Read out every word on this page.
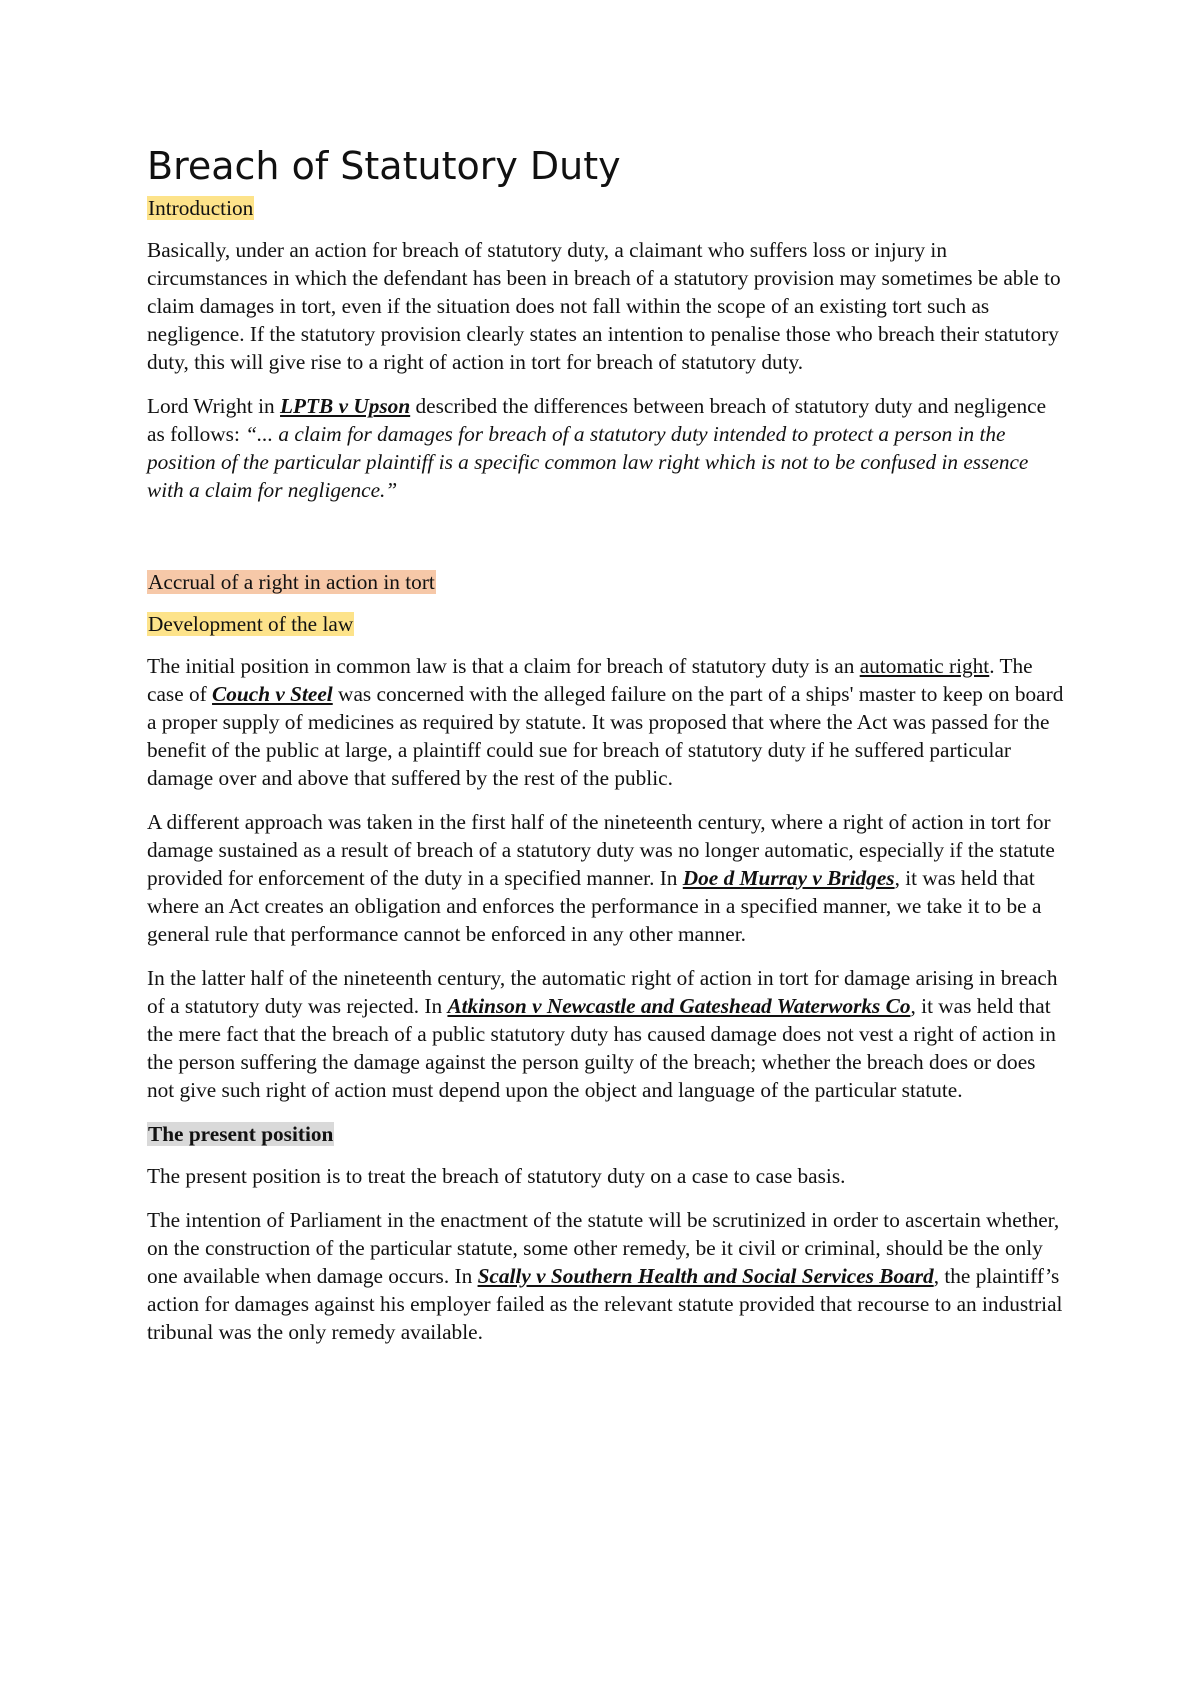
Breach of Statutory Duty
Introduction

Basically, under an action for breach of statutory duty, a claimant who suffers loss or injury in circumstances in which the defendant has been in breach of a statutory provision may sometimes be able to claim damages in tort, even if the situation does not fall within the scope of an existing tort such as negligence. If the statutory provision clearly states an intention to penalise those who breach their statutory duty, this will give rise to a right of action in tort for breach of statutory duty.

Lord Wright in LPTB v Upson described the differences between breach of statutory duty and negligence as follows: “... a claim for damages for breach of a statutory duty intended to protect a person in the position of the particular plaintiff is a specific common law right which is not to be confused in essence with a claim for negligence.”

Accrual of a right in action in tort
Development of the law

The initial position in common law is that a claim for breach of statutory duty is an automatic right. The case of Couch v Steel was concerned with the alleged failure on the part of a ships' master to keep on board a proper supply of medicines as required by statute. It was proposed that where the Act was passed for the benefit of the public at large, a plaintiff could sue for breach of statutory duty if he suffered particular damage over and above that suffered by the rest of the public.

A different approach was taken in the first half of the nineteenth century, where a right of action in tort for damage sustained as a result of breach of a statutory duty was no longer automatic, especially if the statute provided for enforcement of the duty in a specified manner. In Doe d Murray v Bridges, it was held that where an Act creates an obligation and enforces the performance in a specified manner, we take it to be a general rule that performance cannot be enforced in any other manner.

In the latter half of the nineteenth century, the automatic right of action in tort for damage arising in breach of a statutory duty was rejected. In Atkinson v Newcastle and Gateshead Waterworks Co, it was held that the mere fact that the breach of a public statutory duty has caused damage does not vest a right of action in the person suffering the damage against the person guilty of the breach; whether the breach does or does not give such right of action must depend upon the object and language of the particular statute.

The present position

The present position is to treat the breach of statutory duty on a case to case basis.

The intention of Parliament in the enactment of the statute will be scrutinized in order to ascertain whether, on the construction of the particular statute, some other remedy, be it civil or criminal, should be the only one available when damage occurs. In Scally v Southern Health and Social Services Board, the plaintiff’s action for damages against his employer failed as the relevant statute provided that recourse to an industrial tribunal was the only remedy available.
